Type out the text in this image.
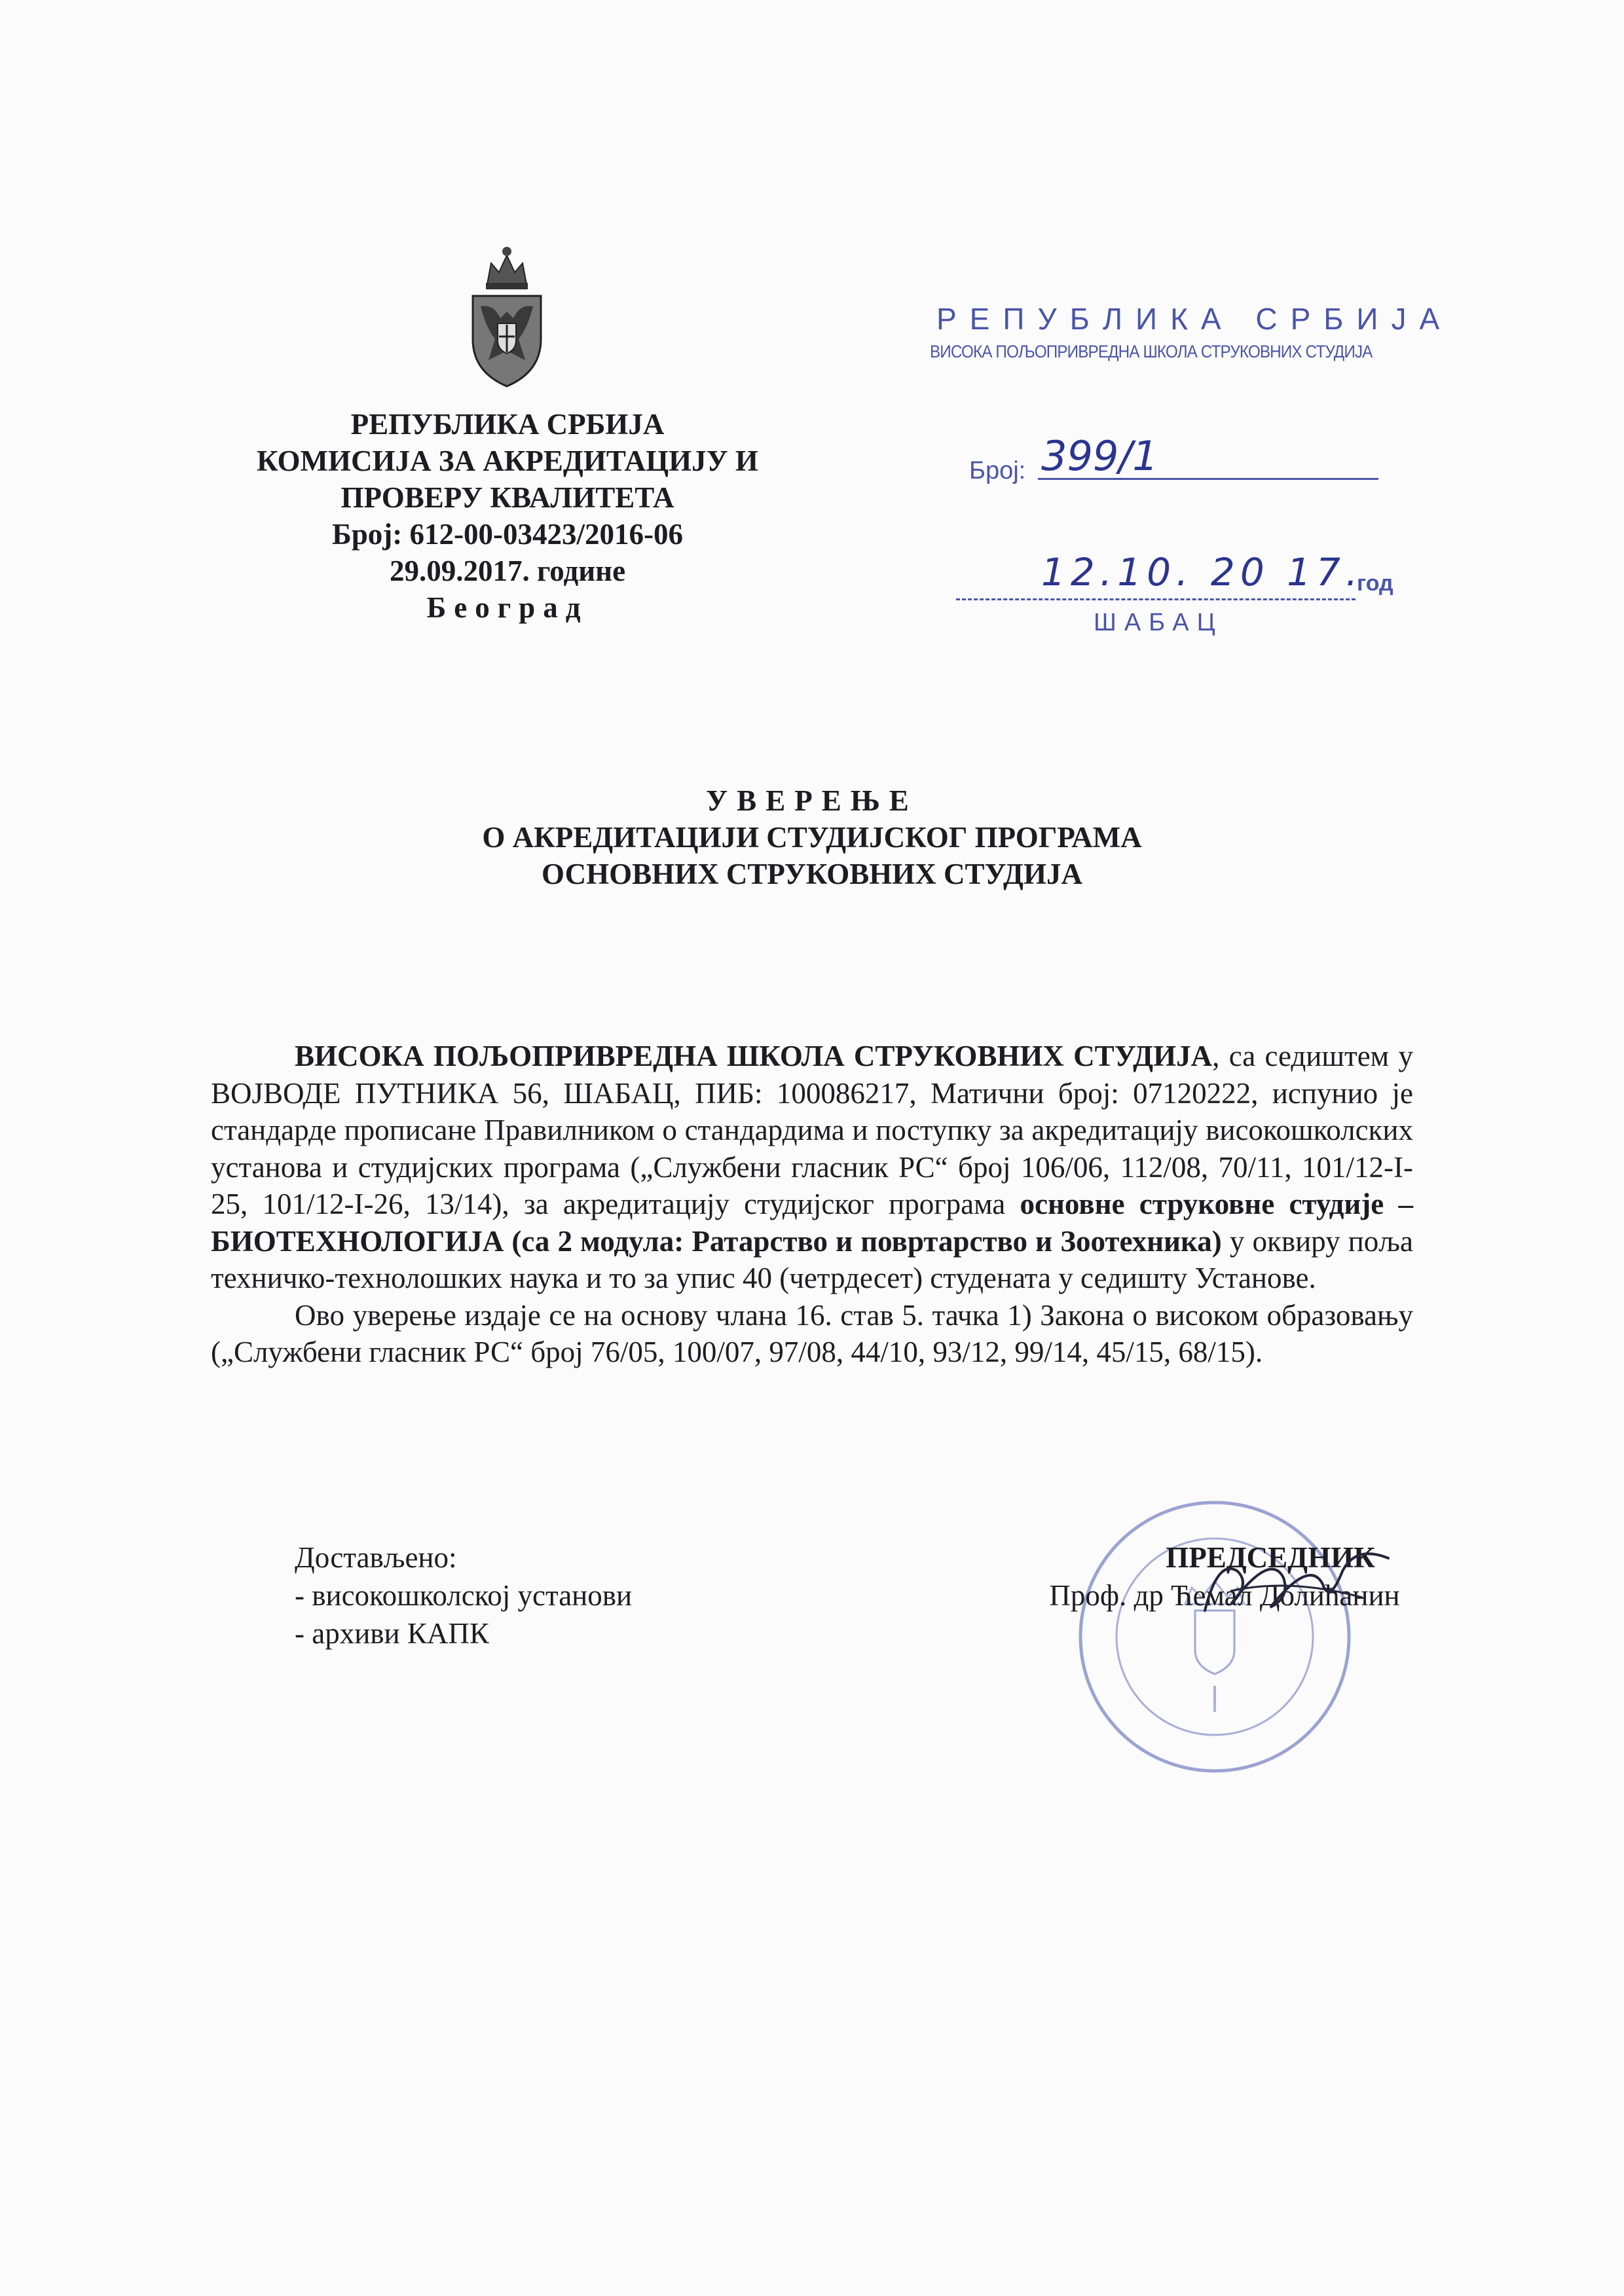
РЕПУБЛИКА СРБИЈА
КОМИСИЈА ЗА АКРЕДИТАЦИЈУ И
ПРОВЕРУ КВАЛИТЕТА
Број: 612-00-03423/2016-06
29.09.2017. године
Београд
РЕПУБЛИКА СРБИЈА
ВИСОКА ПОЉОПРИВРЕДНА ШКОЛА СТРУКОВНИХ СТУДИЈА
Број: 399/1
12.10. 20 17.
год
ШАБАЦ
УВЕРЕЊЕ
О АКРЕДИТАЦИЈИ СТУДИЈСКОГ ПРОГРАМА
ОСНОВНИХ СТРУКОВНИХ СТУДИЈА

ВИСОКА ПОЉОПРИВРЕДНА ШКОЛА СТРУКОВНИХ СТУДИЈА, са седиштем у ВОЈВОДЕ ПУТНИКА 56, ШАБАЦ, ПИБ: 100086217, Матични број: 07120222, испунио је стандарде прописане Правилником о стандардима и поступку за акредитацију високошколских установа и студијских програма („Службени гласник РС“ број 106/06, 112/08, 70/11, 101/12-I-25, 101/12-I-26, 13/14), за акредитацију студијског програма основне струковне студије – БИОТЕХНОЛОГИЈА (са 2 модула: Ратарство и повртарство и Зоотехника) у оквиру поља техничко-технолошких наука и то за упис 40 (четрдесет) студената у седишту Установе.

Ово уверење издаје се на основу члана 16. став 5. тачка 1) Закона о високом образовању („Службени гласник РС“ број 76/05, 100/07, 97/08, 44/10, 93/12, 99/14, 45/15, 68/15).

Достављено:
- високошколској установи
- архиви КАПК
ПРЕДСЕДНИК
Проф. др Ћемал Долићанин
